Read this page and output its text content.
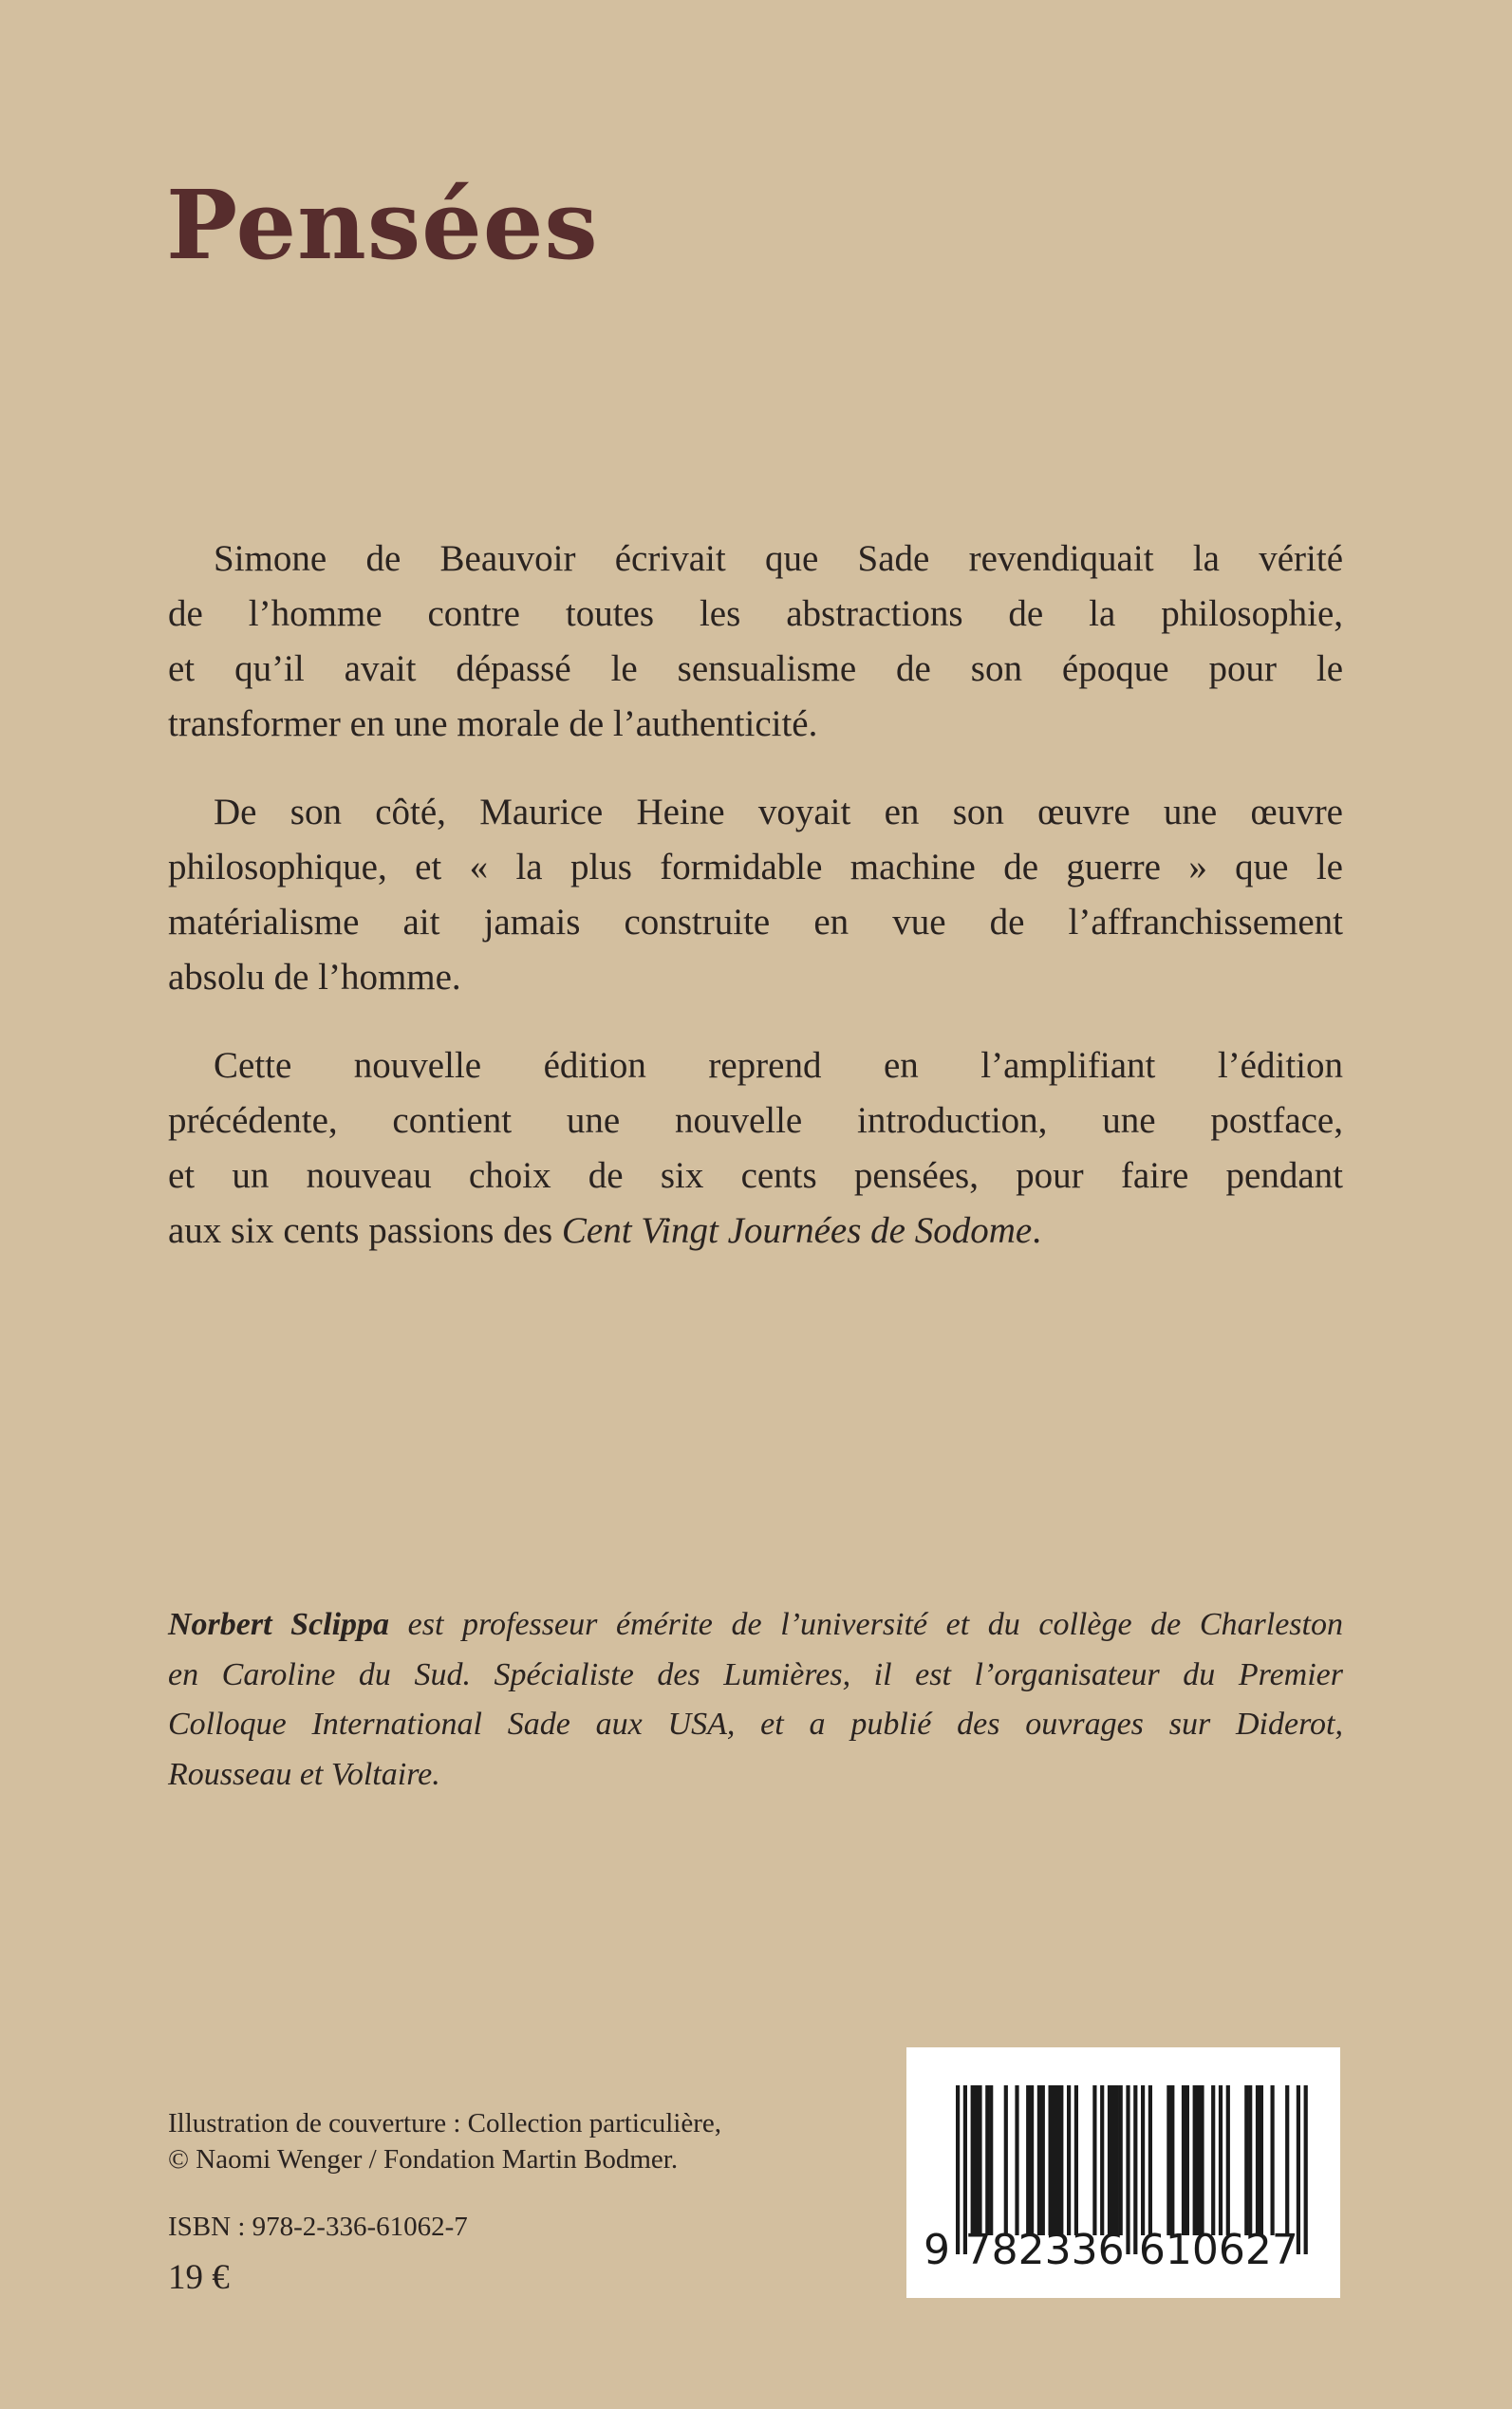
Pensées
Simone de Beauvoir écrivait que Sade revendiquait la vérité
de l’homme contre toutes les abstractions de la philosophie,
et qu’il avait dépassé le sensualisme de son époque pour le
transformer en une morale de l’authenticité.
De son côté, Maurice Heine voyait en son œuvre une œuvre
philosophique, et « la plus formidable machine de guerre » que le
matérialisme ait jamais construite en vue de l’affranchissement
absolu de l’homme.
Cette nouvelle édition reprend en l’amplifiant l’édition
précédente, contient une nouvelle introduction, une postface,
et un nouveau choix de six cents pensées, pour faire pendant
aux six cents passions des Cent Vingt Journées de Sodome.
Norbert Sclippa est professeur émérite de l’université et du collège de Charleston
en Caroline du Sud. Spécialiste des Lumières, il est l’organisateur du Premier
Colloque International Sade aux USA, et a publié des ouvrages sur Diderot,
Rousseau et Voltaire.
Illustration de couverture : Collection particulière,
© Naomi Wenger / Fondation Martin Bodmer.
ISBN : 978-2-336-61062-7
19 €
9 782336 610627
